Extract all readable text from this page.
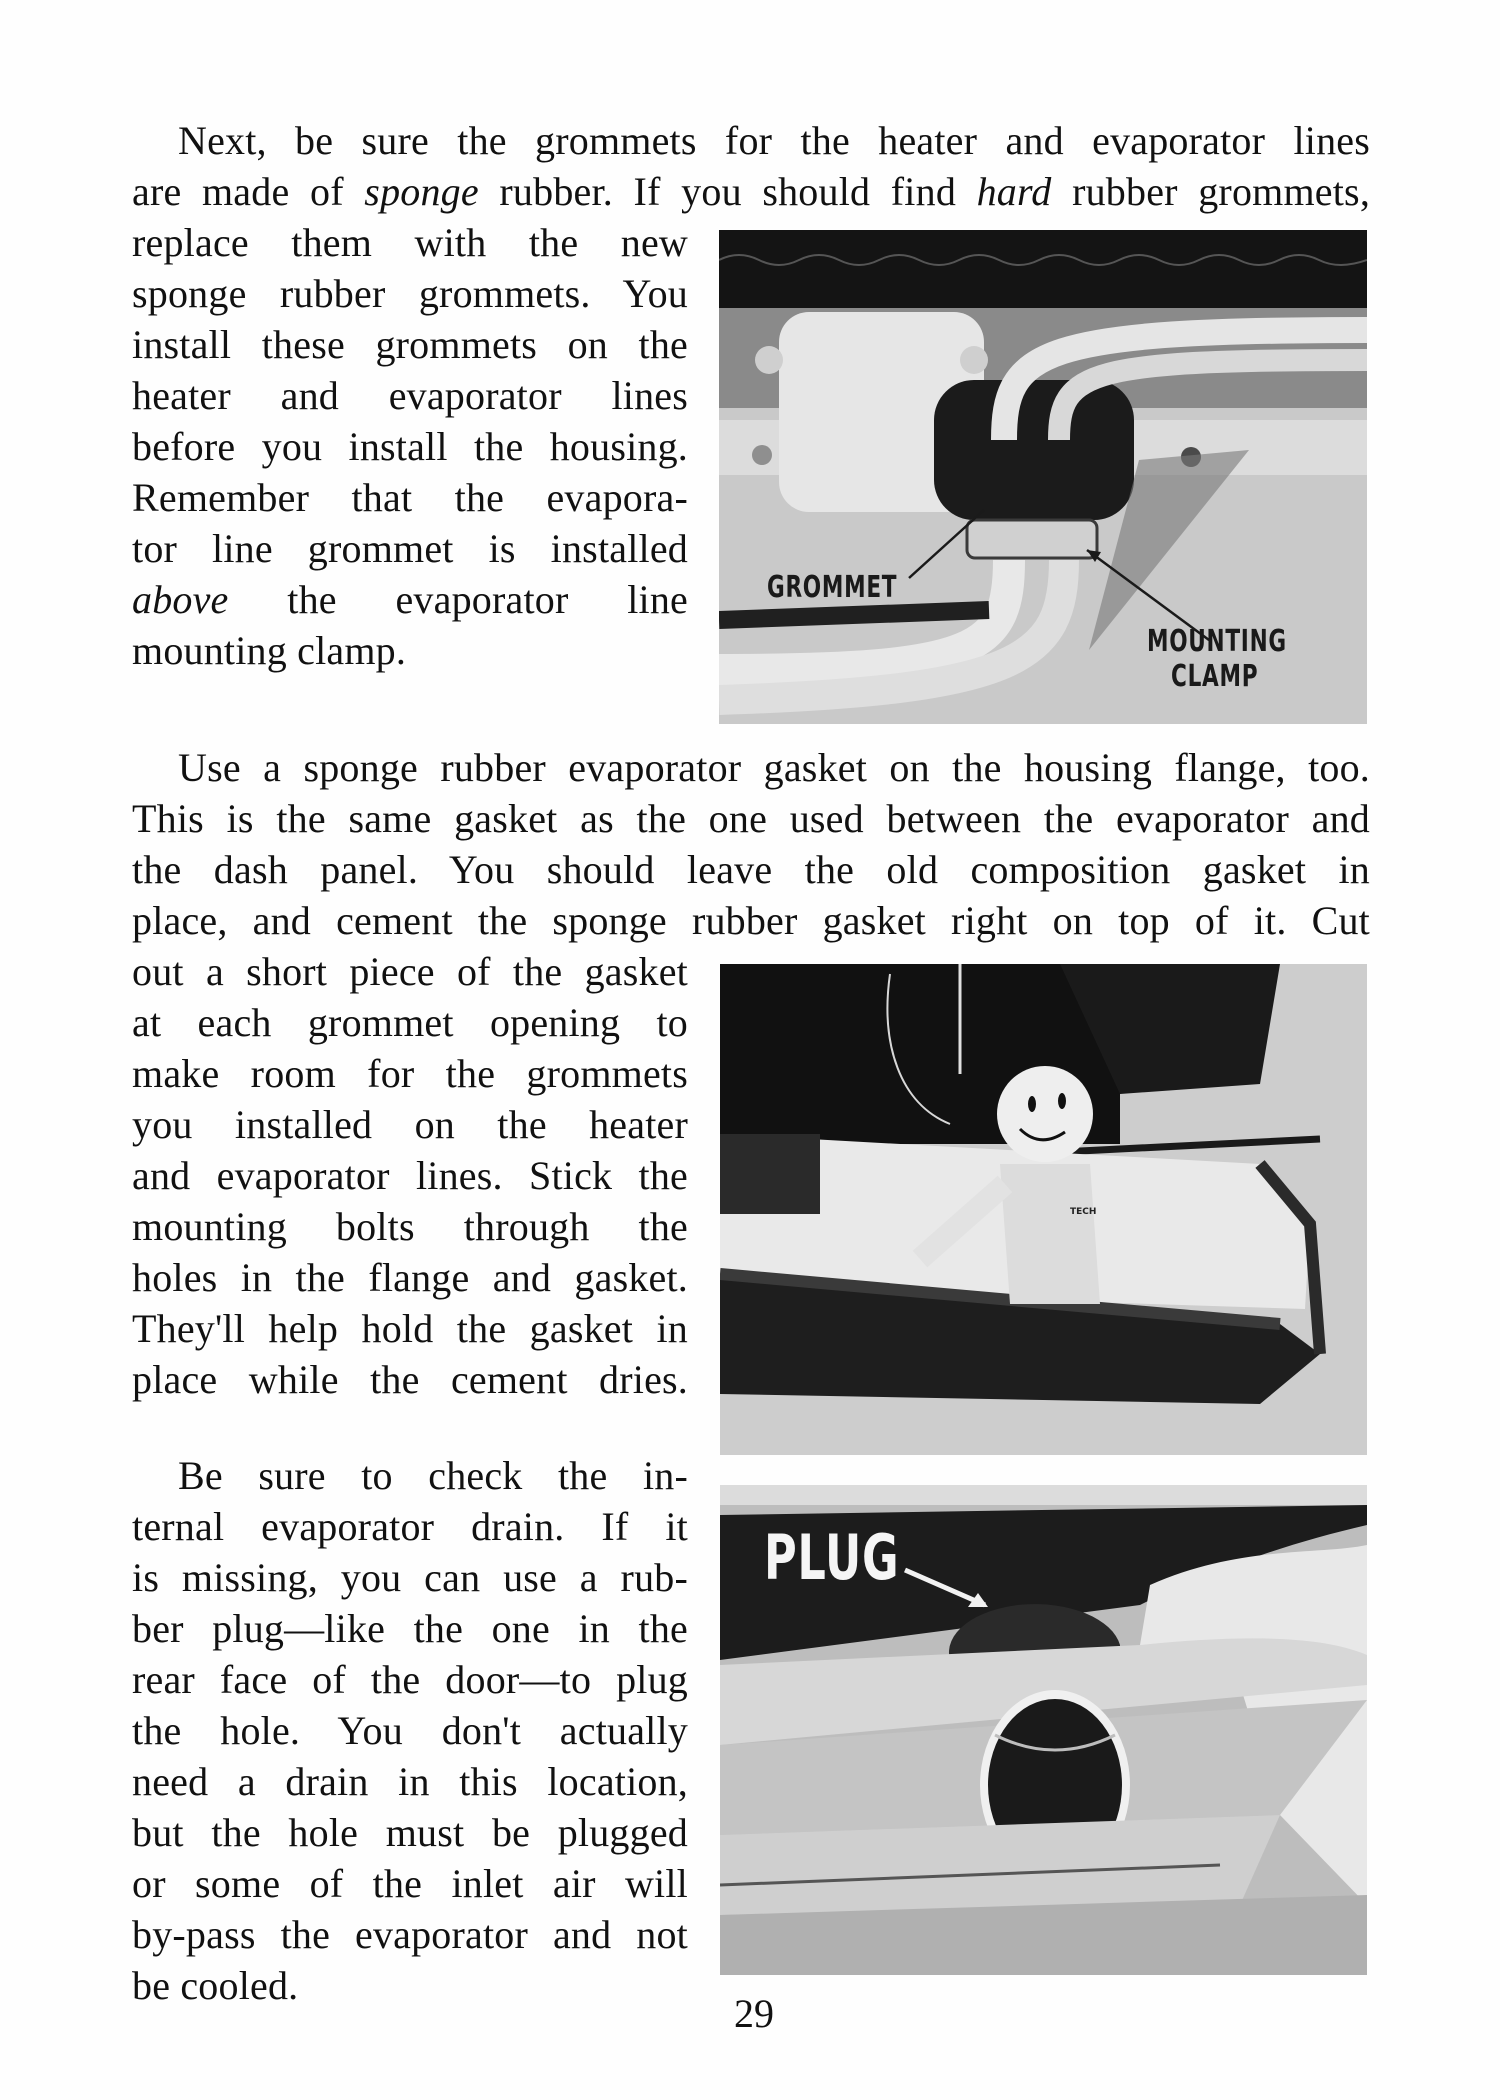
Next, be sure the grommets for the heater and evaporator lines
are made of sponge rubber. If you should find hard rubber grommets,
replace them with the new
sponge rubber grommets. You
install these grommets on the
heater and evaporator lines
before you install the housing.
Remember that the evapora-
tor line grommet is installed
above the evaporator line
mounting clamp.
GROMMET
MOUNTING
CLAMP
Use a sponge rubber evaporator gasket on the housing flange, too.
This is the same gasket as the one used between the evaporator and
the dash panel. You should leave the old composition gasket in
place, and cement the sponge rubber gasket right on top of it. Cut
out a short piece of the gasket
at each grommet opening to
make room for the grommets
you installed on the heater
and evaporator lines. Stick the
mounting bolts through the
holes in the flange and gasket.
They'll help hold the gasket in
place while the cement dries.
TECH
Be sure to check the in-
ternal evaporator drain. If it
is missing, you can use a rub-
ber plug—like the one in the
rear face of the door—to plug
the hole. You don't actually
need a drain in this location,
but the hole must be plugged
or some of the inlet air will
by-pass the evaporator and not
be cooled.
PLUG
29
